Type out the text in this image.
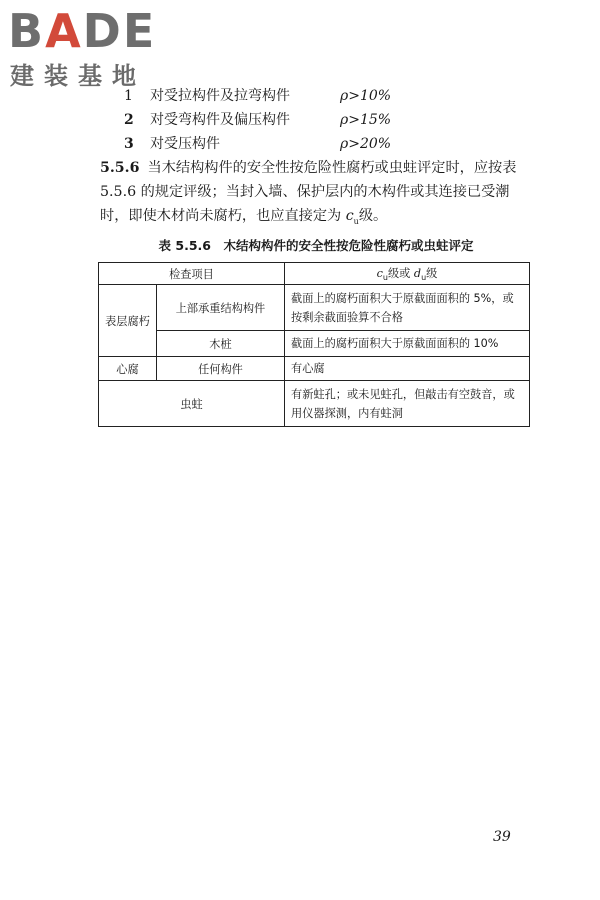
BADE
建装基地
1	对受拉构件及拉弯构件	ρ>10%
2	对受弯构件及偏压构件	ρ>15%
3	对受压构件	ρ>20%
5.5.6 当木结构构件的安全性按危险性腐朽或虫蛀评定时，应按表 5.5.6 的规定评级；当封入墙、保护层内的木构件或其连接已受潮时，即使木材尚未腐朽，也应直接定为 $c_u$级。
表 5.5.6　木结构构件的安全性按危险性腐朽或虫蛀评定
检查项目		$c_u$级或 $d_u$级
表层腐朽	上部承重结构构件	截面上的腐朽面积大于原截面面积的 5%，或按剩余截面验算不合格
	木桩	截面上的腐朽面积大于原截面面积的 10%
心腐	任何构件	有心腐
虫蛀		有新蛀孔；或未见蛀孔，但敲击有空鼓音，或用仪器探测，内有蛀洞
39
